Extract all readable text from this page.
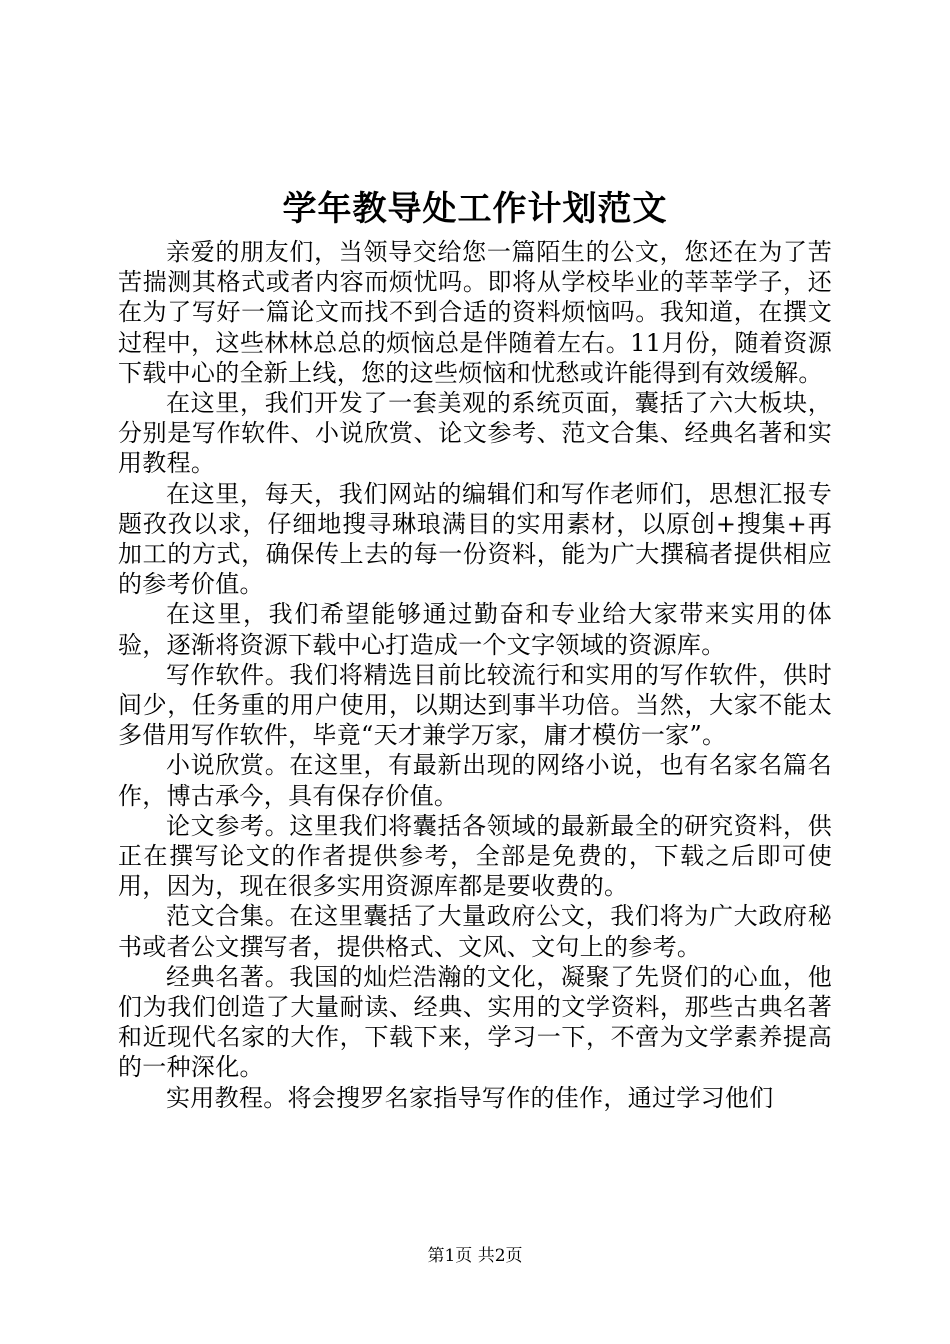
学年教导处工作计划范文

亲爱的朋友们，当领导交给您一篇陌生的公文，您还在为了苦苦揣测其格式或者内容而烦忧吗。即将从学校毕业的莘莘学子，还在为了写好一篇论文而找不到合适的资料烦恼吗。我知道，在撰文过程中，这些林林总总的烦恼总是伴随着左右。11月份，随着资源下载中心的全新上线，您的这些烦恼和忧愁或许能得到有效缓解。

在这里，我们开发了一套美观的系统页面，囊括了六大板块，分别是写作软件、小说欣赏、论文参考、范文合集、经典名著和实用教程。

在这里，每天，我们网站的编辑们和写作老师们，思想汇报专题孜孜以求，仔细地搜寻琳琅满目的实用素材，以原创+搜集+再加工的方式，确保传上去的每一份资料，能为广大撰稿者提供相应的参考价值。

在这里，我们希望能够通过勤奋和专业给大家带来实用的体验，逐渐将资源下载中心打造成一个文字领域的资源库。

写作软件。我们将精选目前比较流行和实用的写作软件，供时间少，任务重的用户使用，以期达到事半功倍。当然，大家不能太多借用写作软件，毕竟“天才兼学万家，庸才模仿一家”。

小说欣赏。在这里，有最新出现的网络小说，也有名家名篇名作，博古承今，具有保存价值。

论文参考。这里我们将囊括各领域的最新最全的研究资料，供正在撰写论文的作者提供参考，全部是免费的，下载之后即可使用，因为，现在很多实用资源库都是要收费的。

范文合集。在这里囊括了大量政府公文，我们将为广大政府秘书或者公文撰写者，提供格式、文风、文句上的参考。

经典名著。我国的灿烂浩瀚的文化，凝聚了先贤们的心血，他们为我们创造了大量耐读、经典、实用的文学资料，那些古典名著和近现代名家的大作，下载下来，学习一下，不啻为文学素养提高的一种深化。

实用教程。将会搜罗名家指导写作的佳作，通过学习他们

第1页 共2页
